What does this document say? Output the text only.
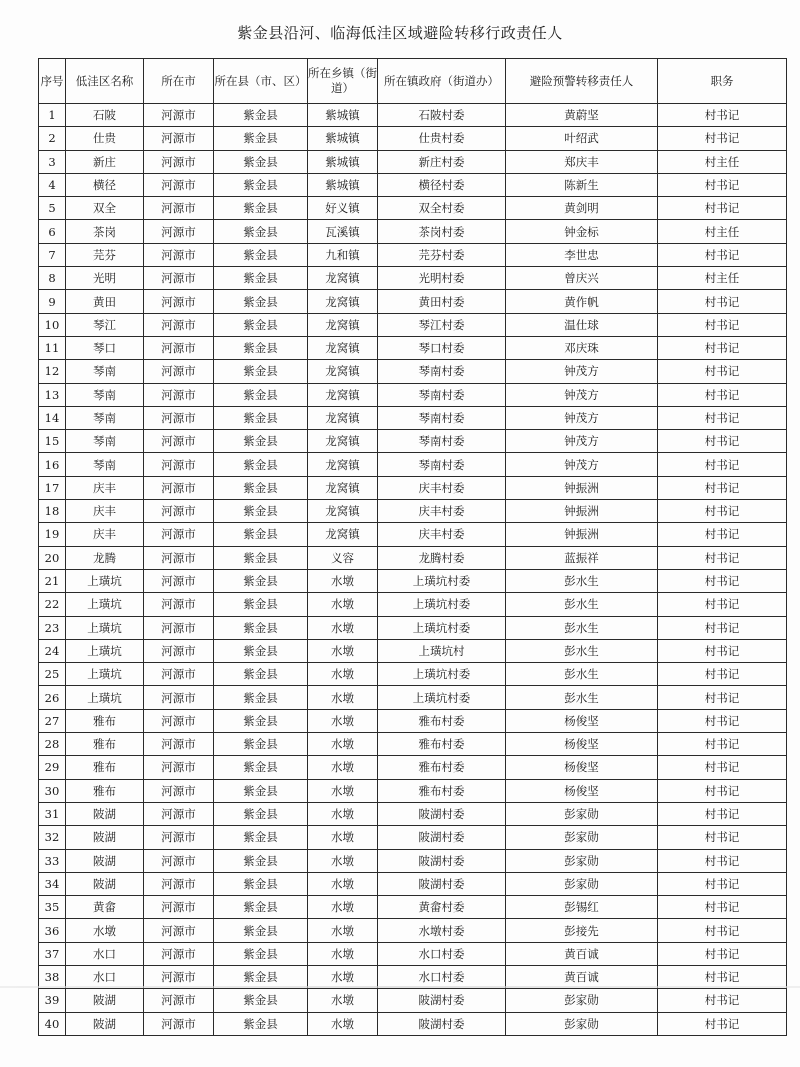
紫金县沿河、临海低洼区域避险转移行政责任人
序号	低洼区名称	所在市	所在县（市、区）	所在乡镇（街道）	所在镇政府（街道办）	避险预警转移责任人	职务
1	石陂	河源市	紫金县	紫城镇	石陂村委	黄蔚坚	村书记
2	仕贵	河源市	紫金县	紫城镇	仕贵村委	叶绍武	村书记
3	新庄	河源市	紫金县	紫城镇	新庄村委	郑庆丰	村主任
4	横径	河源市	紫金县	紫城镇	横径村委	陈新生	村书记
5	双全	河源市	紫金县	好义镇	双全村委	黄剑明	村书记
6	茶岗	河源市	紫金县	瓦溪镇	茶岗村委	钟金标	村主任
7	芫芬	河源市	紫金县	九和镇	芫芬村委	李世忠	村书记
8	光明	河源市	紫金县	龙窝镇	光明村委	曾庆兴	村主任
9	黄田	河源市	紫金县	龙窝镇	黄田村委	黄作帆	村书记
10	琴江	河源市	紫金县	龙窝镇	琴江村委	温仕球	村书记
11	琴口	河源市	紫金县	龙窝镇	琴口村委	邓庆珠	村书记
12	琴南	河源市	紫金县	龙窝镇	琴南村委	钟茂方	村书记
13	琴南	河源市	紫金县	龙窝镇	琴南村委	钟茂方	村书记
14	琴南	河源市	紫金县	龙窝镇	琴南村委	钟茂方	村书记
15	琴南	河源市	紫金县	龙窝镇	琴南村委	钟茂方	村书记
16	琴南	河源市	紫金县	龙窝镇	琴南村委	钟茂方	村书记
17	庆丰	河源市	紫金县	龙窝镇	庆丰村委	钟振洲	村书记
18	庆丰	河源市	紫金县	龙窝镇	庆丰村委	钟振洲	村书记
19	庆丰	河源市	紫金县	龙窝镇	庆丰村委	钟振洲	村书记
20	龙腾	河源市	紫金县	义容	龙腾村委	蓝振祥	村书记
21	上璜坑	河源市	紫金县	水墩	上璜坑村委	彭水生	村书记
22	上璜坑	河源市	紫金县	水墩	上璜坑村委	彭水生	村书记
23	上璜坑	河源市	紫金县	水墩	上璜坑村委	彭水生	村书记
24	上璜坑	河源市	紫金县	水墩	上璜坑村	彭水生	村书记
25	上璜坑	河源市	紫金县	水墩	上璜坑村委	彭水生	村书记
26	上璜坑	河源市	紫金县	水墩	上璜坑村委	彭水生	村书记
27	雅布	河源市	紫金县	水墩	雅布村委	杨俊坚	村书记
28	雅布	河源市	紫金县	水墩	雅布村委	杨俊坚	村书记
29	雅布	河源市	紫金县	水墩	雅布村委	杨俊坚	村书记
30	雅布	河源市	紫金县	水墩	雅布村委	杨俊坚	村书记
31	陂湖	河源市	紫金县	水墩	陂湖村委	彭家勋	村书记
32	陂湖	河源市	紫金县	水墩	陂湖村委	彭家勋	村书记
33	陂湖	河源市	紫金县	水墩	陂湖村委	彭家勋	村书记
34	陂湖	河源市	紫金县	水墩	陂湖村委	彭家勋	村书记
35	黄畲	河源市	紫金县	水墩	黄畲村委	彭锡红	村书记
36	水墩	河源市	紫金县	水墩	水墩村委	彭接先	村书记
37	水口	河源市	紫金县	水墩	水口村委	黄百诚	村书记
38	水口	河源市	紫金县	水墩	水口村委	黄百诚	村书记
39	陂湖	河源市	紫金县	水墩	陂湖村委	彭家勋	村书记
40	陂湖	河源市	紫金县	水墩	陂湖村委	彭家勋	村书记
